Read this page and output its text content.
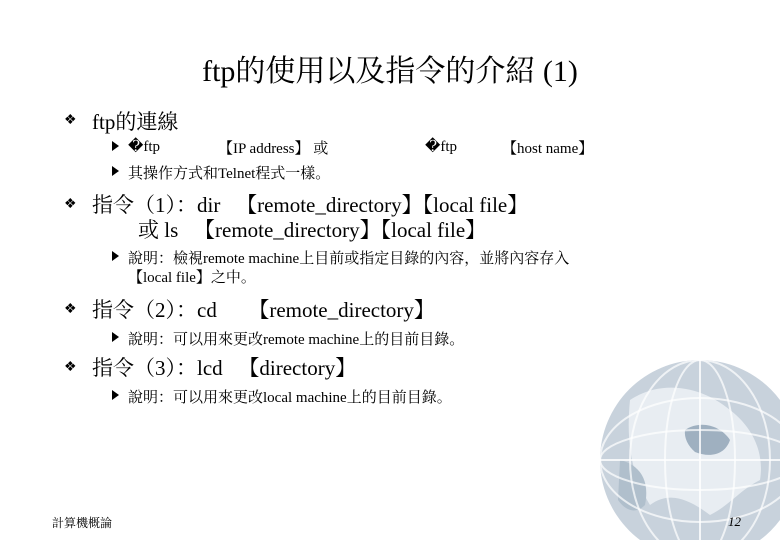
ftp的使用以及指令的介紹 (1)
❖ ftp的連線
�ftp	【IP address】 或	�ftp	【host name】
其操作方式和Telnet程式一樣。
❖ 指令（1）：dir 　【remote_directory】【local file】
或 ls 　【remote_directory】【local file】
說明：檢視remote machine上目前或指定目錄的內容，並將內容存入
【local file】之中。
❖ 指令（2）：cd 　 【remote_directory】
說明：可以用來更改remote machine上的目前目錄。
❖ 指令（3）：lcd 　【directory】
說明：可以用來更改local machine上的目前目錄。
計算機概論	12
